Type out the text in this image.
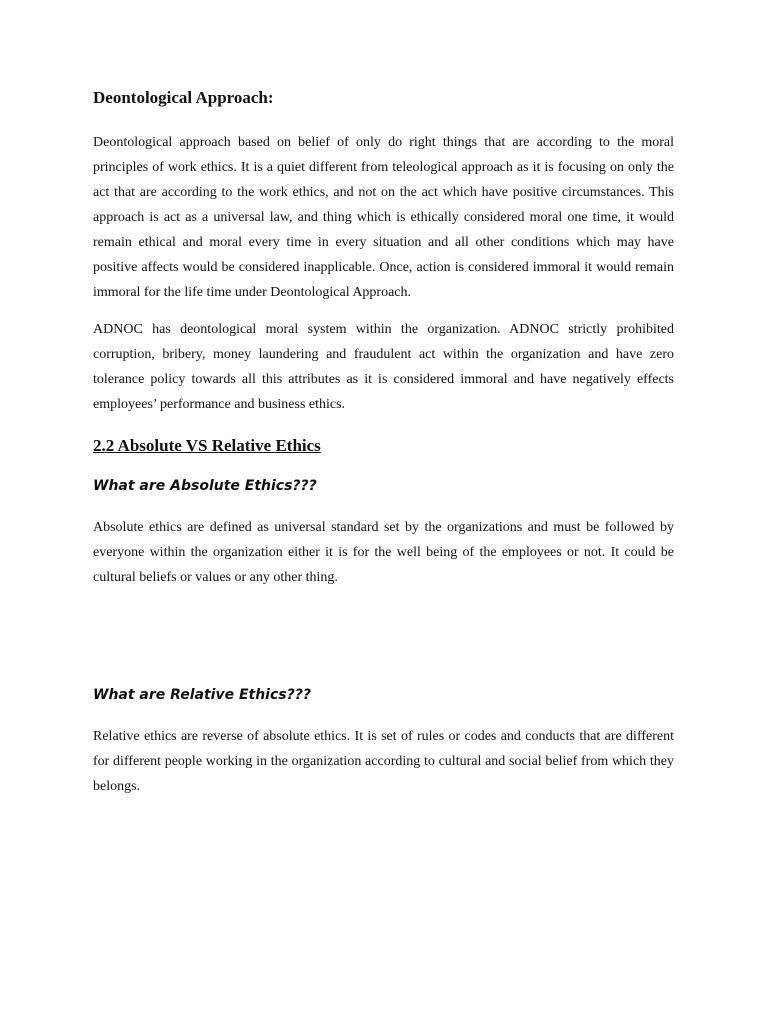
Deontological Approach:

Deontological approach based on belief of only do right things that are according to the moral principles of work ethics. It is a quiet different from teleological approach as it is focusing on only the act that are according to the work ethics, and not on the act which have positive circumstances. This approach is act as a universal law, and thing which is ethically considered moral one time, it would remain ethical and moral every time in every situation and all other conditions which may have positive affects would be considered inapplicable. Once, action is considered immoral it would remain immoral for the life time under Deontological Approach.

ADNOC has deontological moral system within the organization. ADNOC strictly prohibited corruption, bribery, money laundering and fraudulent act within the organization and have zero tolerance policy towards all this attributes as it is considered immoral and have negatively effects employees’ performance and business ethics.

2.2 Absolute VS Relative Ethics
What are Absolute Ethics???

Absolute ethics are defined as universal standard set by the organizations and must be followed by everyone within the organization either it is for the well being of the employees or not. It could be cultural beliefs or values or any other thing.

What are Relative Ethics???

Relative ethics are reverse of absolute ethics. It is set of rules or codes and conducts that are different for different people working in the organization according to cultural and social belief from which they belongs.
